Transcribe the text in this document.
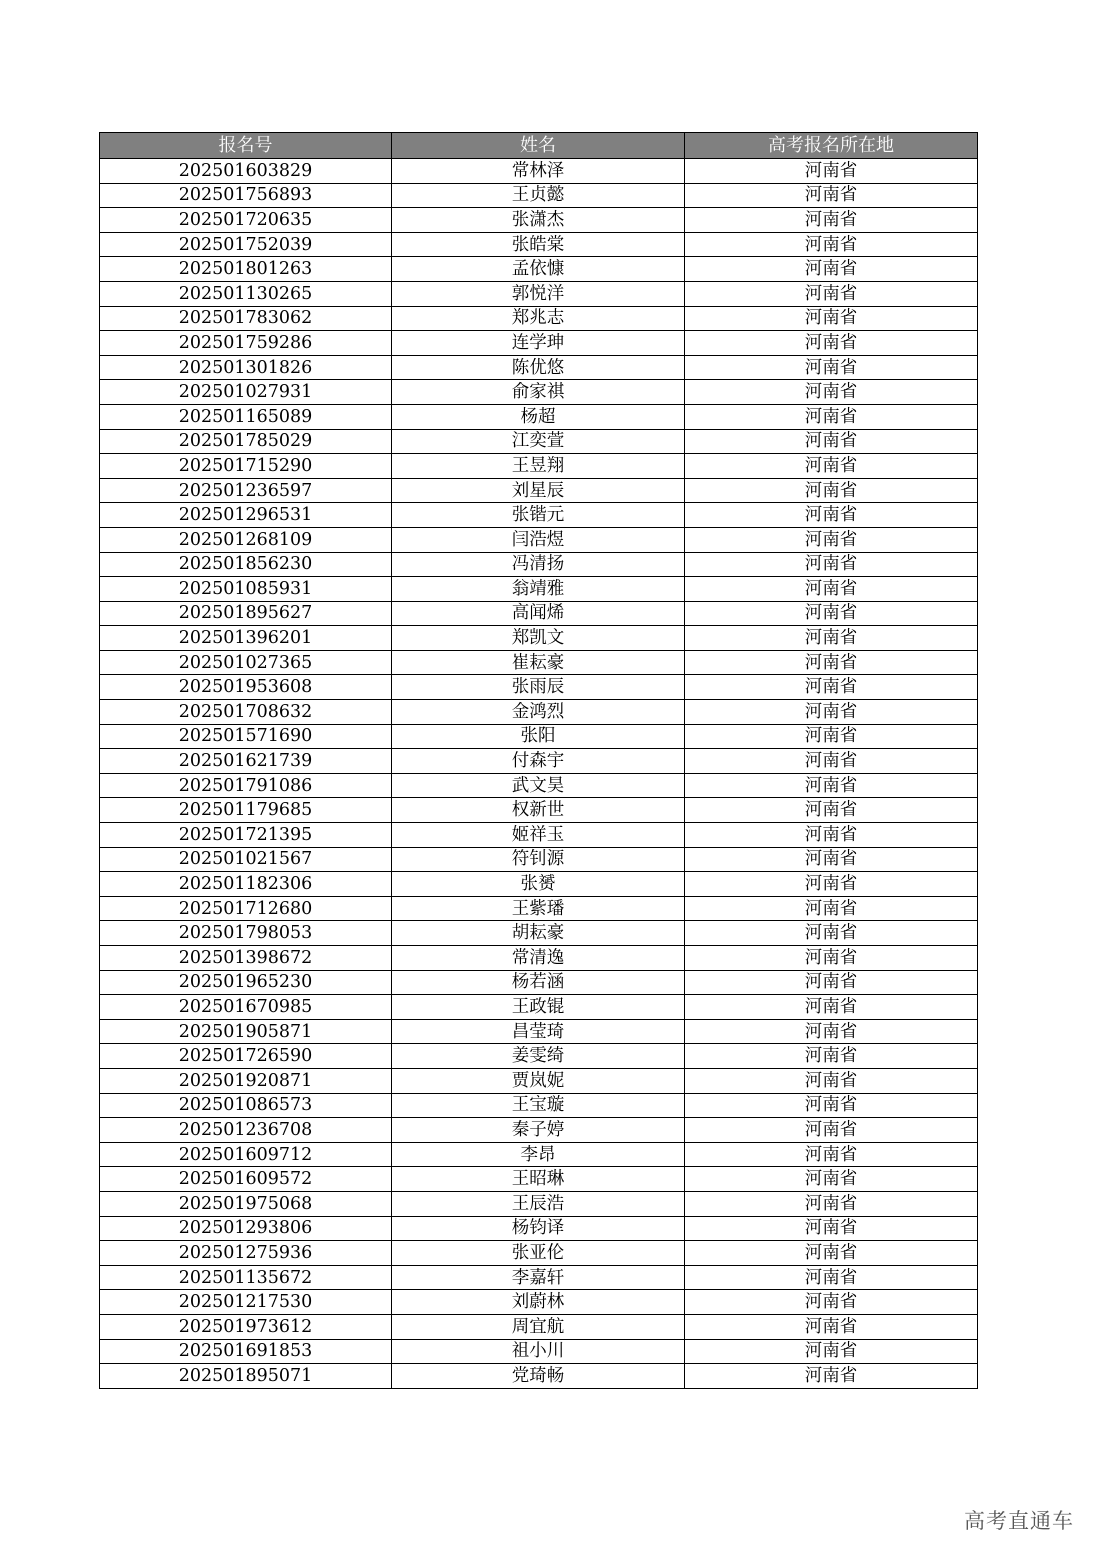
报名号	姓名	高考报名所在地
202501603829	常林泽	河南省
202501756893	王贞懿	河南省
202501720635	张潇杰	河南省
202501752039	张皓棠	河南省
202501801263	孟依慷	河南省
202501130265	郭悦洋	河南省
202501783062	郑兆志	河南省
202501759286	连学珅	河南省
202501301826	陈优悠	河南省
202501027931	俞家祺	河南省
202501165089	杨超	河南省
202501785029	江奕萱	河南省
202501715290	王昱翔	河南省
202501236597	刘星辰	河南省
202501296531	张锴元	河南省
202501268109	闫浩煜	河南省
202501856230	冯清扬	河南省
202501085931	翁靖雅	河南省
202501895627	高闻烯	河南省
202501396201	郑凯文	河南省
202501027365	崔耘豪	河南省
202501953608	张雨辰	河南省
202501708632	金鸿烈	河南省
202501571690	张阳	河南省
202501621739	付森宇	河南省
202501791086	武文昊	河南省
202501179685	权新世	河南省
202501721395	姬祥玉	河南省
202501021567	符钊源	河南省
202501182306	张赟	河南省
202501712680	王紫璠	河南省
202501798053	胡耘豪	河南省
202501398672	常清逸	河南省
202501965230	杨若涵	河南省
202501670985	王政锟	河南省
202501905871	昌莹琦	河南省
202501726590	姜雯绮	河南省
202501920871	贾岚妮	河南省
202501086573	王宝璇	河南省
202501236708	秦子婷	河南省
202501609712	李昂	河南省
202501609572	王昭琳	河南省
202501975068	王辰浩	河南省
202501293806	杨钧译	河南省
202501275936	张亚伦	河南省
202501135672	李嘉轩	河南省
202501217530	刘蔚林	河南省
202501973612	周宜航	河南省
202501691853	祖小川	河南省
202501895071	党琦畅	河南省
高考直通车
